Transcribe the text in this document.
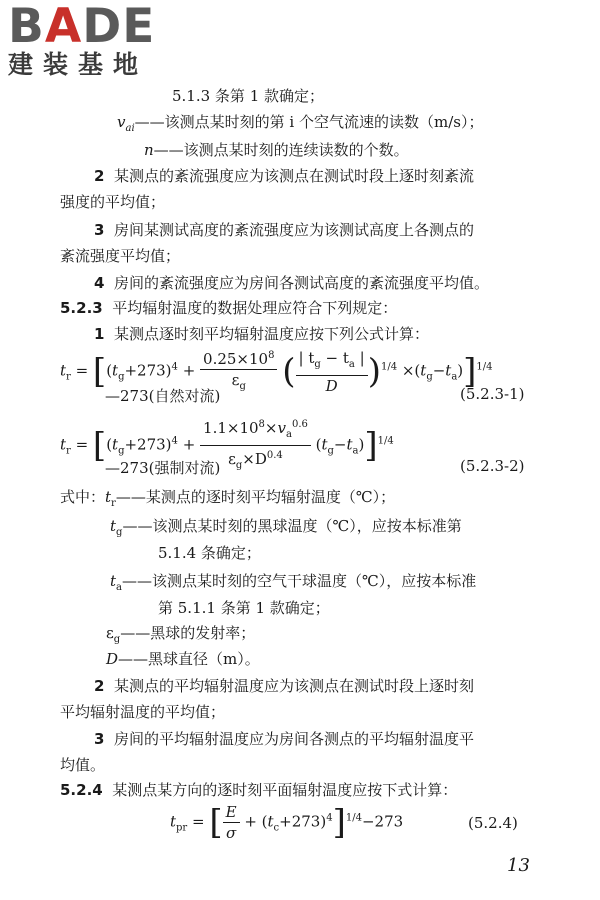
BADE
建装基地
5.1.3 条第 1 款确定；
$v_{ai}——$该测点某时刻的第 i 个空气流速的读数（m/s）；
n——该测点某时刻的连续读数的个数。
2 某测点的紊流强度应为该测点在测试时段上逐时刻紊流
强度的平均值；
3 房间某测试高度的紊流强度应为该测试高度上各测点的
紊流强度平均值；
4 房间的紊流强度应为房间各测试高度的紊流强度平均值。
5.2.3 平均辐射温度的数据处理应符合下列规定：
1 某测点逐时刻平均辐射温度应按下列公式计算：
$t_r = [(t_g+273)^4 + \frac{0.25\times 10^8}{\varepsilon_g}$ ( $\frac{| t_g - t_a |}{D} )^{1/4} \times(t_g-t_a)]^{1/4}$
—273(自然对流)	(5.2.3-1)
$t_r = [(t_g+273)^4 + \frac{1.1\times 10^8\times v_a^{0.6}}{\varepsilon_g\times D^{0.4}} (t_g-t_a)]^{1/4}$
—273(强制对流)	(5.2.3-2)
式中：$t_r——$某测点的逐时刻平均辐射温度（℃）；
$t_g——$该测点某时刻的黑球温度（℃），应按本标准第
5.1.4 条确定；
$t_a——$该测点某时刻的空气干球温度（℃），应按本标准
第 5.1.1 条第 1 款确定；
$\varepsilon_g——$黑球的发射率；
D——黑球直径（m）。
2 某测点的平均辐射温度应为该测点在测试时段上逐时刻
平均辐射温度的平均值；
3 房间的平均辐射温度应为房间各测点的平均辐射温度平
均值。
5.2.4 某测点某方向的逐时刻平面辐射温度应按下式计算：
$t_{pr}$ = [ $\frac{E}{\sigma} + (t_c+273)^4]^{1/4}-273$	(5.2.4)
13
